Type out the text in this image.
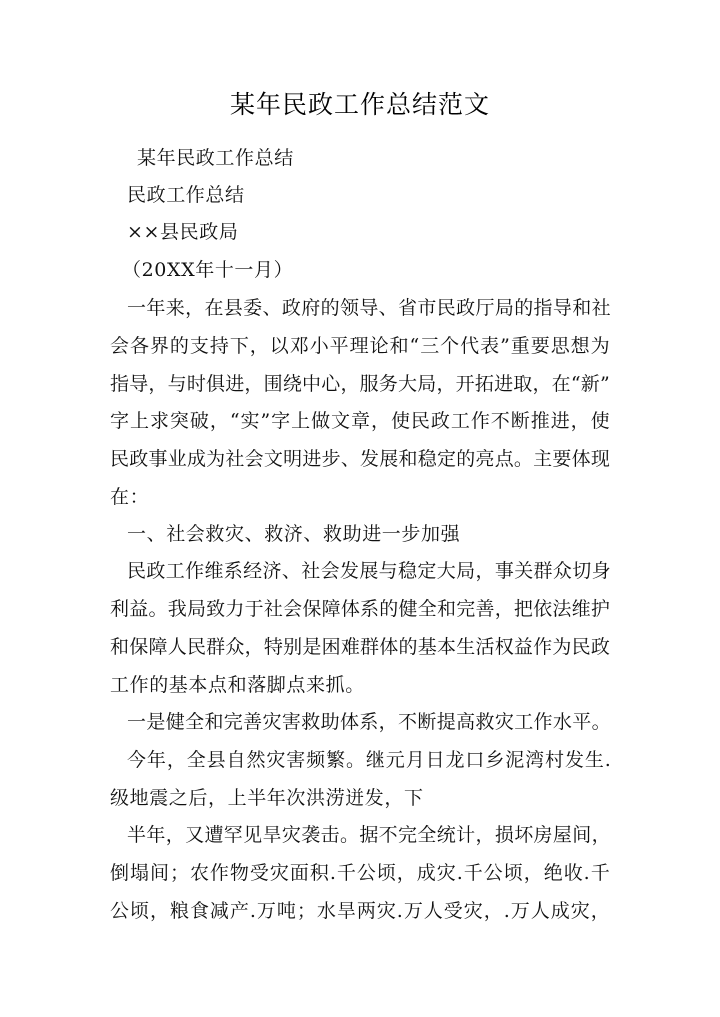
某年民政工作总结范文
某年民政工作总结
民政工作总结
××县民政局
（20XX年十一月）
一 年 来 ， 在 县 委 、 政 府 的 领 导 、 省 市 民 政 厅 局 的 指 导 和 社
会 各 界 的 支 持 下 ， 以 邓 小 平 理 论 和 “ 三 个 代 表 ” 重 要 思 想 为
指 导 ， 与 时 俱 进 ， 围 绕 中 心 ， 服 务 大 局 ， 开 拓 进 取 ， 在 “ 新 ”
字 上 求 突 破 ， “ 实 ” 字 上 做 文 章 ， 使 民 政 工 作 不 断 推 进 ， 使
民 政 事 业 成 为 社 会 文 明 进 步 、 发 展 和 稳 定 的 亮 点 。 主 要 体 现
在：
一、社会救灾、救济、救助进一步加强
民 政 工 作 维 系 经 济 、 社 会 发 展 与 稳 定 大 局 ， 事 关 群 众 切 身
利 益 。 我 局 致 力 于 社 会 保 障 体 系 的 健 全 和 完 善 ， 把 依 法 维 护
和 保 障 人 民 群 众 ， 特 别 是 困 难 群 体 的 基 本 生 活 权 益 作 为 民 政
工作的基本点和落脚点来抓。
一 是 健 全 和 完 善 灾 害 救 助 体 系 ， 不 断 提 高 救 灾 工 作 水 平 。
今 年 ， 全 县 自 然 灾 害 频 繁 。 继 元 月 日 龙 口 乡 泥 湾 村 发 生 .
级地震之后，上半年次洪涝迸发，下
半 年 ， 又 遭 罕 见 旱 灾 袭 击 。 据 不 完 全 统 计 ， 损 坏 房 屋 间 ，
倒 塌 间 ； 农 作 物 受 灾 面 积 . 千 公 顷 ， 成 灾 . 千 公 顷 ， 绝 收 . 千
公 顷 ， 粮 食 减 产 . 万 吨 ； 水 旱 两 灾 . 万 人 受 灾 ， . 万 人 成 灾 ，
